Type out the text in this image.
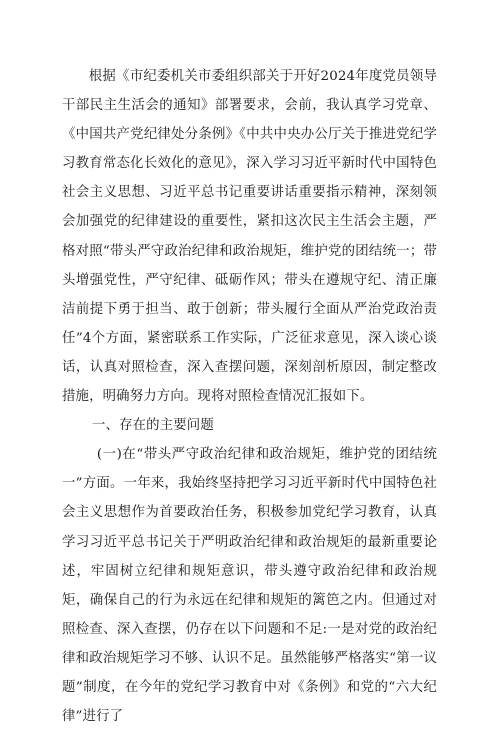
根据《市纪委机关市委组织部关于开好2024年度党员领导干部民主生活会的通知》部署要求，会前，我认真学习党章、《中国共产党纪律处分条例》《中共中央办公厅关于推进党纪学习教育常态化长效化的意见》，深入学习习近平新时代中国特色社会主义思想、习近平总书记重要讲话重要指示精神，深刻领会加强党的纪律建设的重要性，紧扣这次民主生活会主题，严格对照“带头严守政治纪律和政治规矩，维护党的团结统一；带头增强党性，严守纪律、砥砺作风；带头在遵规守纪、清正廉洁前提下勇于担当、敢于创新；带头履行全面从严治党政治责任”4个方面，紧密联系工作实际，广泛征求意见，深入谈心谈话，认真对照检查，深入查摆问题，深刻剖析原因，制定整改措施，明确努力方向。现将对照检查情况汇报如下。

一、存在的主要问题

(一)在“带头严守政治纪律和政治规矩，维护党的团结统一”方面。一年来，我始终坚持把学习习近平新时代中国特色社会主义思想作为首要政治任务，积极参加党纪学习教育，认真学习习近平总书记关于严明政治纪律和政治规矩的最新重要论述，牢固树立纪律和规矩意识，带头遵守政治纪律和政治规矩，确保自己的行为永远在纪律和规矩的篱笆之内。但通过对照检查、深入查摆，仍存在以下问题和不足:一是对党的政治纪律和政治规矩学习不够、认识不足。虽然能够严格落实“第一议题”制度，在今年的党纪学习教育中对《条例》和党的“六大纪律”进行了
